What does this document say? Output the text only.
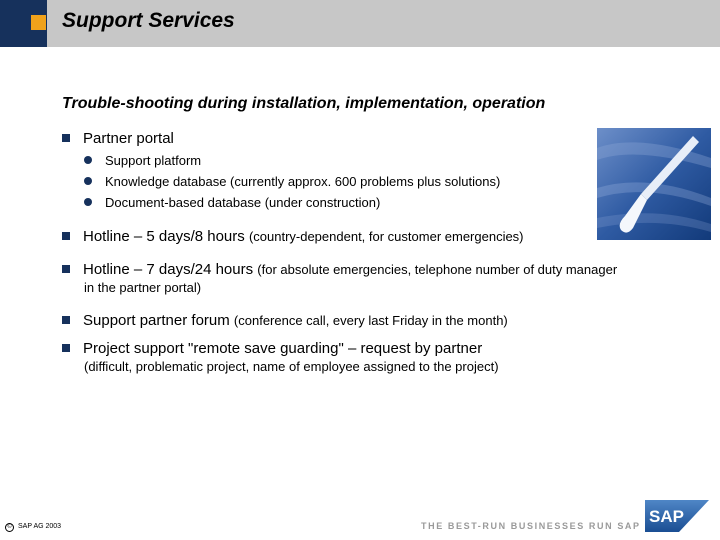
Support Services
Trouble-shooting during installation, implementation, operation
Partner portal
Support platform
Knowledge database (currently approx. 600 problems plus solutions)
Document-based database (under construction)
Hotline – 5 days/8 hours (country-dependent, for customer emergencies)
Hotline – 7 days/24 hours (for absolute emergencies, telephone number of duty manager
in the partner portal)
Support partner forum (conference call, every last Friday in the month)
Project support "remote save guarding" – request by partner
(difficult, problematic project, name of employee assigned to the project)
© SAP AG 2003	THE BEST-RUN BUSINESSES RUN SAP SAP
